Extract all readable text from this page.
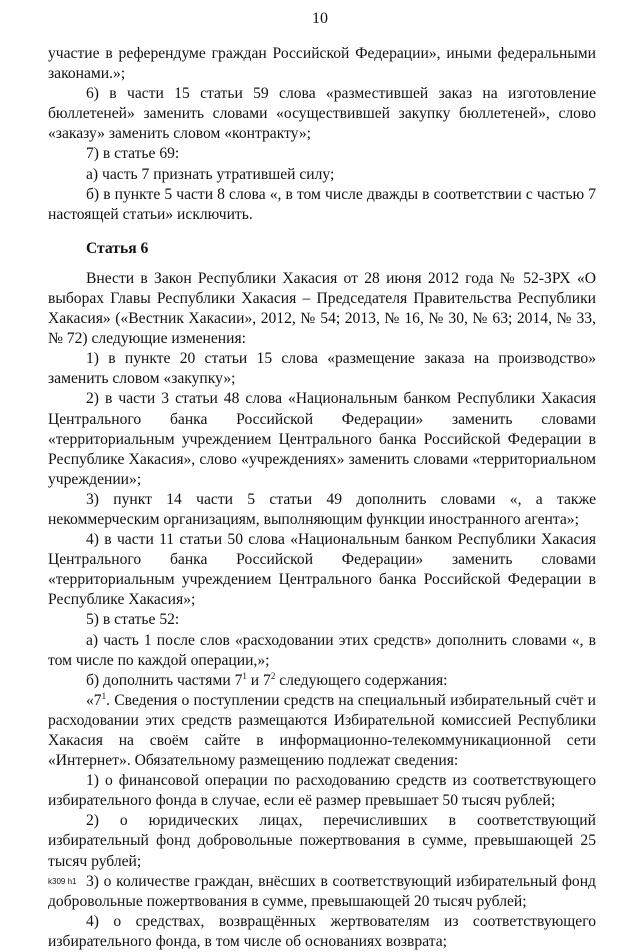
10

участие в референдуме граждан Российской Федерации», иными федеральными законами.»;

6) в части 15 статьи 59 слова «разместившей заказ на изготовление бюллетеней» заменить словами «осуществившей закупку бюллетеней», слово «заказу» заменить словом «контракту»;

7) в статье 69:

а) часть 7 признать утратившей силу;

б) в пункте 5 части 8 слова «, в том числе дважды в соответствии с частью 7 настоящей статьи» исключить.

Статья 6

Внести в Закон Республики Хакасия от 28 июня 2012 года № 52-ЗРХ «О выборах Главы Республики Хакасия – Председателя Правительства Республики Хакасия» («Вестник Хакасии», 2012, № 54; 2013, № 16, № 30, № 63; 2014, № 33, № 72) следующие изменения:

1) в пункте 20 статьи 15 слова «размещение заказа на производство» заменить словом «закупку»;

2) в части 3 статьи 48 слова «Национальным банком Республики Хакасия Центрального банка Российской Федерации» заменить словами «территориальным учреждением Центрального банка Российской Федерации в Республике Хакасия», слово «учреждениях» заменить словами «территориальном учреждении»;

3) пункт 14 части 5 статьи 49 дополнить словами «, а также некоммерческим организациям, выполняющим функции иностранного агента»;

4) в части 11 статьи 50 слова «Национальным банком Республики Хакасия Центрального банка Российской Федерации» заменить словами «территориальным учреждением Центрального банка Российской Федерации в Республике Хакасия»;

5) в статье 52:

а) часть 1 после слов «расходовании этих средств» дополнить словами «, в том числе по каждой операции,»;

б) дополнить частями $7^1$ и $7^2$ следующего содержания:

«$7^1$. Сведения о поступлении средств на специальный избирательный счёт и расходовании этих средств размещаются Избирательной комиссией Республики Хакасия на своём сайте в информационно-телекоммуникационной сети «Интернет». Обязательному размещению подлежат сведения:

1) о финансовой операции по расходованию средств из соответствующего избирательного фонда в случае, если её размер превышает 50 тысяч рублей;

2) о юридических лицах, перечисливших в соответствующий избирательный фонд добровольные пожертвования в сумме, превышающей 25 тысяч рублей;

3) о количестве граждан, внёсших в соответствующий избирательный фонд добровольные пожертвования в сумме, превышающей 20 тысяч рублей;

4) о средствах, возвращённых жертвователям из соответствующего избирательного фонда, в том числе об основаниях возврата;

k309 h1
